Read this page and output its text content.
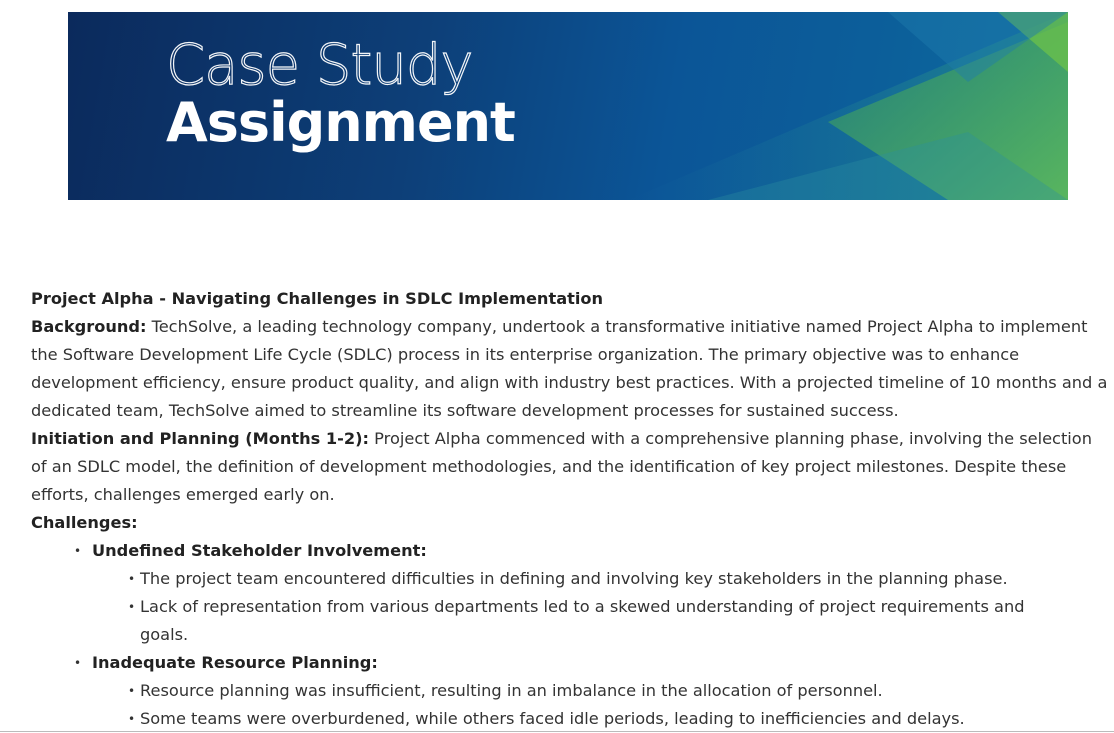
Case Study
Assignment

Project Alpha - Navigating Challenges in SDLC Implementation

Background: TechSolve, a leading technology company, undertook a transformative initiative named Project Alpha to implement the Software Development Life Cycle (SDLC) process in its enterprise organization. The primary objective was to enhance development efficiency, ensure product quality, and align with industry best practices. With a projected timeline of 10 months and a dedicated team, TechSolve aimed to streamline its software development processes for sustained success.

Initiation and Planning (Months 1-2): Project Alpha commenced with a comprehensive planning phase, involving the selection of an SDLC model, the definition of development methodologies, and the identification of key project milestones. Despite these efforts, challenges emerged early on.

Challenges:

• Undefined Stakeholder Involvement:
• The project team encountered difficulties in defining and involving key stakeholders in the planning phase.
• Lack of representation from various departments led to a skewed understanding of project requirements and goals.
• Inadequate Resource Planning:
• Resource planning was insufficient, resulting in an imbalance in the allocation of personnel.
• Some teams were overburdened, while others faced idle periods, leading to inefficiencies and delays.
